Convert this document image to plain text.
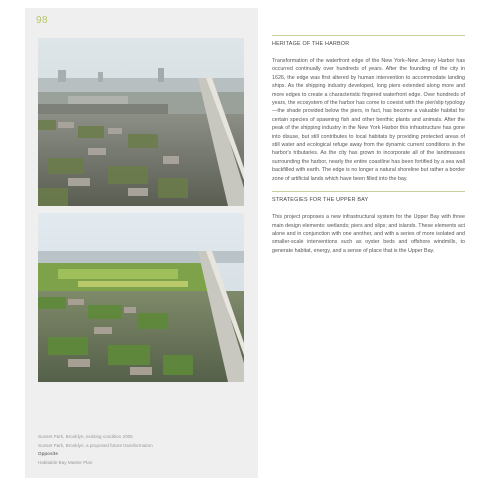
98
Sunset Park, Brooklyn, existing condition 2006
Sunset Park, Brooklyn, a proposed future transformation
Opposite
Habitable Bay Master Plan
HERITAGE OF THE HARBOR

Transformation of the waterfront edge of the New York–New Jersey Harbor has occurred continually over hundreds of years. After the founding of the city in 1626, the edge was first altered by human intervention to accommodate landing ships. As the shipping industry developed, long piers extended along more and more edges to create a characteristic fingered waterfront edge. Over hundreds of years, the ecosystem of the harbor has come to coexist with the pier/slip typology—the shade provided below the piers, in fact, has become a valuable habitat for certain species of spawning fish and other benthic plants and animals. After the peak of the shipping industry in the New York Harbor this infrastructure has gone into disuse, but still contributes to local habitats by providing protected areas of still water and ecological refuge away from the dynamic current conditions in the harbor's tributaries. As the city has grown to incorporate all of the landmasses surrounding the harbor, nearly the entire coastline has been fortified by a sea wall backfilled with earth. The edge is no longer a natural shoreline but rather a border zone of artificial lands which have been filled into the bay.

STRATEGIES FOR THE UPPER BAY

This project proposes a new infrastructural system for the Upper Bay with three main design elements: wetlands; piers and slips; and islands. These elements act alone and in conjunction with one another, and with a series of more isolated and smaller-scale interventions such as oyster beds and offshore windmills, to generate habitat, energy, and a sense of place that is the Upper Bay.
